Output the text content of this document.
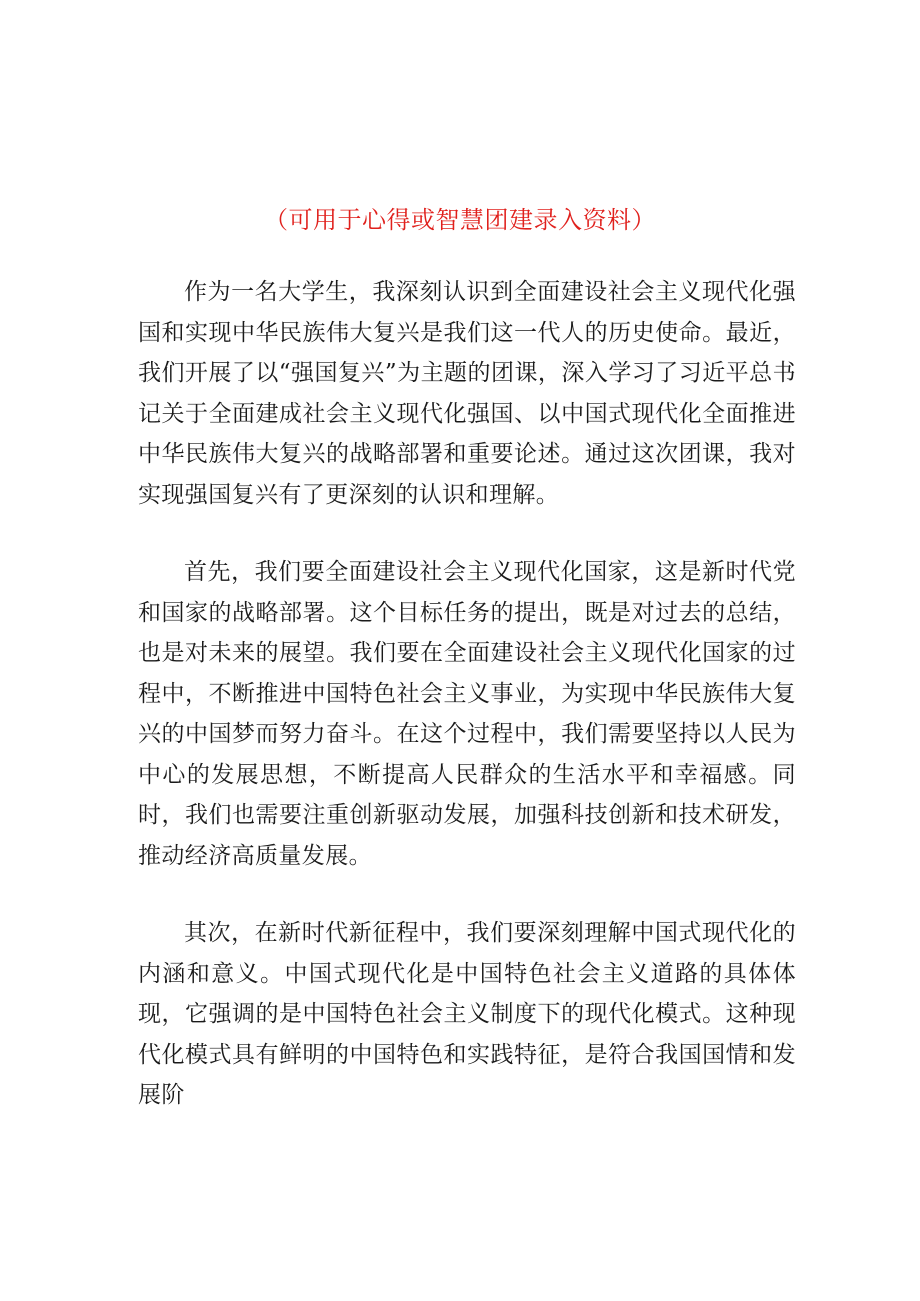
（可用于心得或智慧团建录入资料）

作为一名大学生，我深刻认识到全面建设社会主义现代化强国和实现中华民族伟大复兴是我们这一代人的历史使命。最近，我们开展了以“强国复兴”为主题的团课，深入学习了习近平总书记关于全面建成社会主义现代化强国、以中国式现代化全面推进中华民族伟大复兴的战略部署和重要论述。通过这次团课，我对实现强国复兴有了更深刻的认识和理解。

首先，我们要全面建设社会主义现代化国家，这是新时代党和国家的战略部署。这个目标任务的提出，既是对过去的总结，也是对未来的展望。我们要在全面建设社会主义现代化国家的过程中，不断推进中国特色社会主义事业，为实现中华民族伟大复兴的中国梦而努力奋斗。在这个过程中，我们需要坚持以人民为中心的发展思想，不断提高人民群众的生活水平和幸福感。同时，我们也需要注重创新驱动发展，加强科技创新和技术研发，推动经济高质量发展。

其次，在新时代新征程中，我们要深刻理解中国式现代化的内涵和意义。中国式现代化是中国特色社会主义道路的具体体现，它强调的是中国特色社会主义制度下的现代化模式。这种现代化模式具有鲜明的中国特色和实践特征，是符合我国国情和发展阶
